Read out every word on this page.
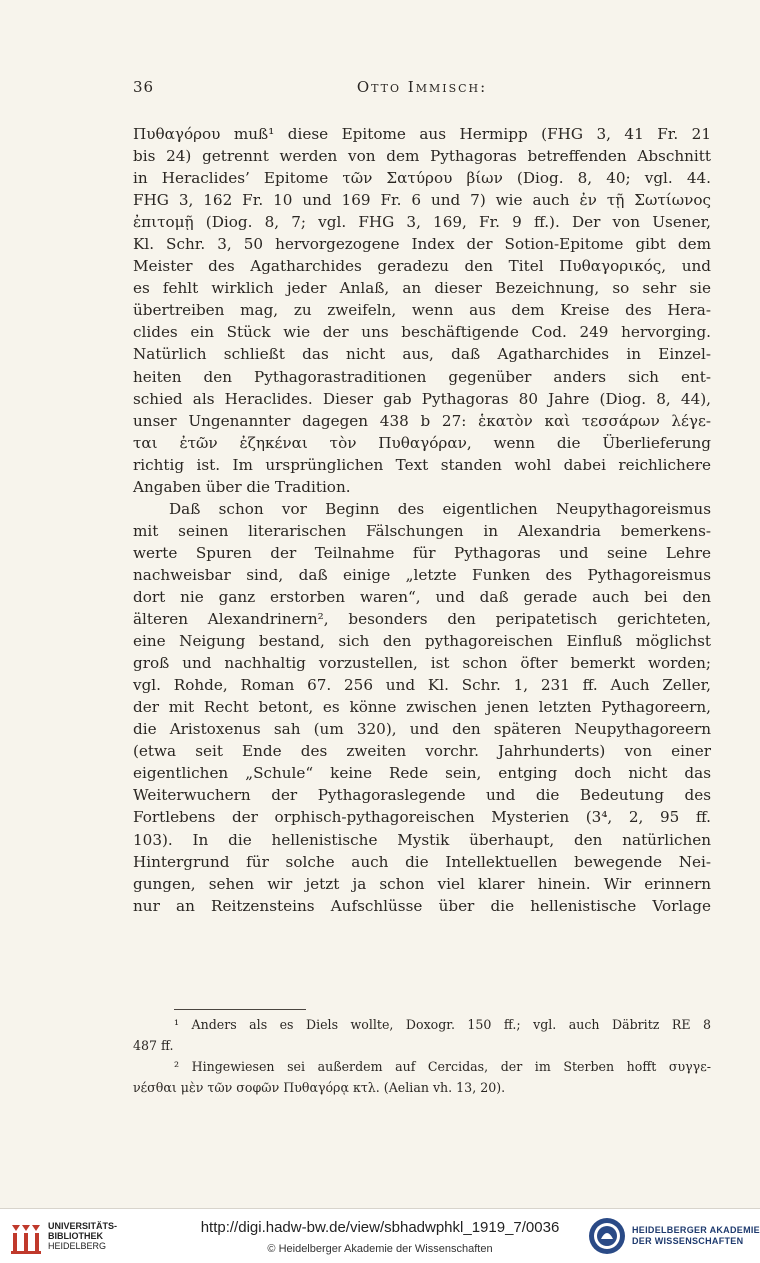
36	Otto Immisch:
Πυθαγόρου muß¹ diese Epitome aus Hermipp (FHG 3, 41 Fr. 21
bis 24) getrennt werden von dem Pythagoras betreffenden Abschnitt
in Heraclides’ Epitome τῶν Σατύρου βίων (Diog. 8, 40; vgl. 44.
FHG 3, 162 Fr. 10 und 169 Fr. 6 und 7) wie auch ἐν τῇ Σωτίωνος
ἐπιτομῇ (Diog. 8, 7; vgl. FHG 3, 169, Fr. 9 ff.). Der von Usener,
Kl. Schr. 3, 50 hervorgezogene Index der Sotion-Epitome gibt dem
Meister des Agatharchides geradezu den Titel Πυθαγορικός, und
es fehlt wirklich jeder Anlaß, an dieser Bezeichnung, so sehr sie
übertreiben mag, zu zweifeln, wenn aus dem Kreise des Hera-
clides ein Stück wie der uns beschäftigende Cod. 249 hervorging.
Natürlich schließt das nicht aus, daß Agatharchides in Einzel-
heiten den Pythagorastraditionen gegenüber anders sich ent-
schied als Heraclides. Dieser gab Pythagoras 80 Jahre (Diog. 8, 44),
unser Ungenannter dagegen 438 b 27: ἑκατὸν καὶ τεσσάρων λέγε-
ται ἐτῶν ἐζηκέναι τὸν Πυθαγόραν, wenn die Überlieferung
richtig ist. Im ursprünglichen Text standen wohl dabei reichlichere
Angaben über die Tradition.
Daß schon vor Beginn des eigentlichen Neupythagoreismus
mit seinen literarischen Fälschungen in Alexandria bemerkens-
werte Spuren der Teilnahme für Pythagoras und seine Lehre
nachweisbar sind, daß einige „letzte Funken des Pythagoreismus
dort nie ganz erstorben waren“, und daß gerade auch bei den
älteren Alexandrinern², besonders den peripatetisch gerichteten,
eine Neigung bestand, sich den pythagoreischen Einfluß möglichst
groß und nachhaltig vorzustellen, ist schon öfter bemerkt worden;
vgl. Rohde, Roman 67. 256 und Kl. Schr. 1, 231 ff. Auch Zeller,
der mit Recht betont, es könne zwischen jenen letzten Pythagoreern,
die Aristoxenus sah (um 320), und den späteren Neupythagoreern
(etwa seit Ende des zweiten vorchr. Jahrhunderts) von einer
eigentlichen „Schule“ keine Rede sein, entging doch nicht das
Weiterwuchern der Pythagoraslegende und die Bedeutung des
Fortlebens der orphisch-pythagoreischen Mysterien (3⁴, 2, 95 ff.
103). In die hellenistische Mystik überhaupt, den natürlichen
Hintergrund für solche auch die Intellektuellen bewegende Nei-
gungen, sehen wir jetzt ja schon viel klarer hinein. Wir erinnern
nur an Reitzensteins Aufschlüsse über die hellenistische Vorlage
¹ Anders als es Diels wollte, Doxogr. 150 ff.; vgl. auch Däbritz RE 8
487 ff.
² Hingewiesen sei außerdem auf Cercidas, der im Sterben hofft συγγε-
νέσθαι μὲν τῶν σοφῶν Πυθαγόρᾳ κτλ. (Aelian vh. 13, 20).
UNIVERSITÄTS-
BIBLIOTHEK
HEIDELBERG
http://digi.hadw-bw.de/view/sbhadwphkl_1919_7/0036
© Heidelberger Akademie der Wissenschaften
HEIDELBERGER AKADEMIE
DER WISSENSCHAFTEN
